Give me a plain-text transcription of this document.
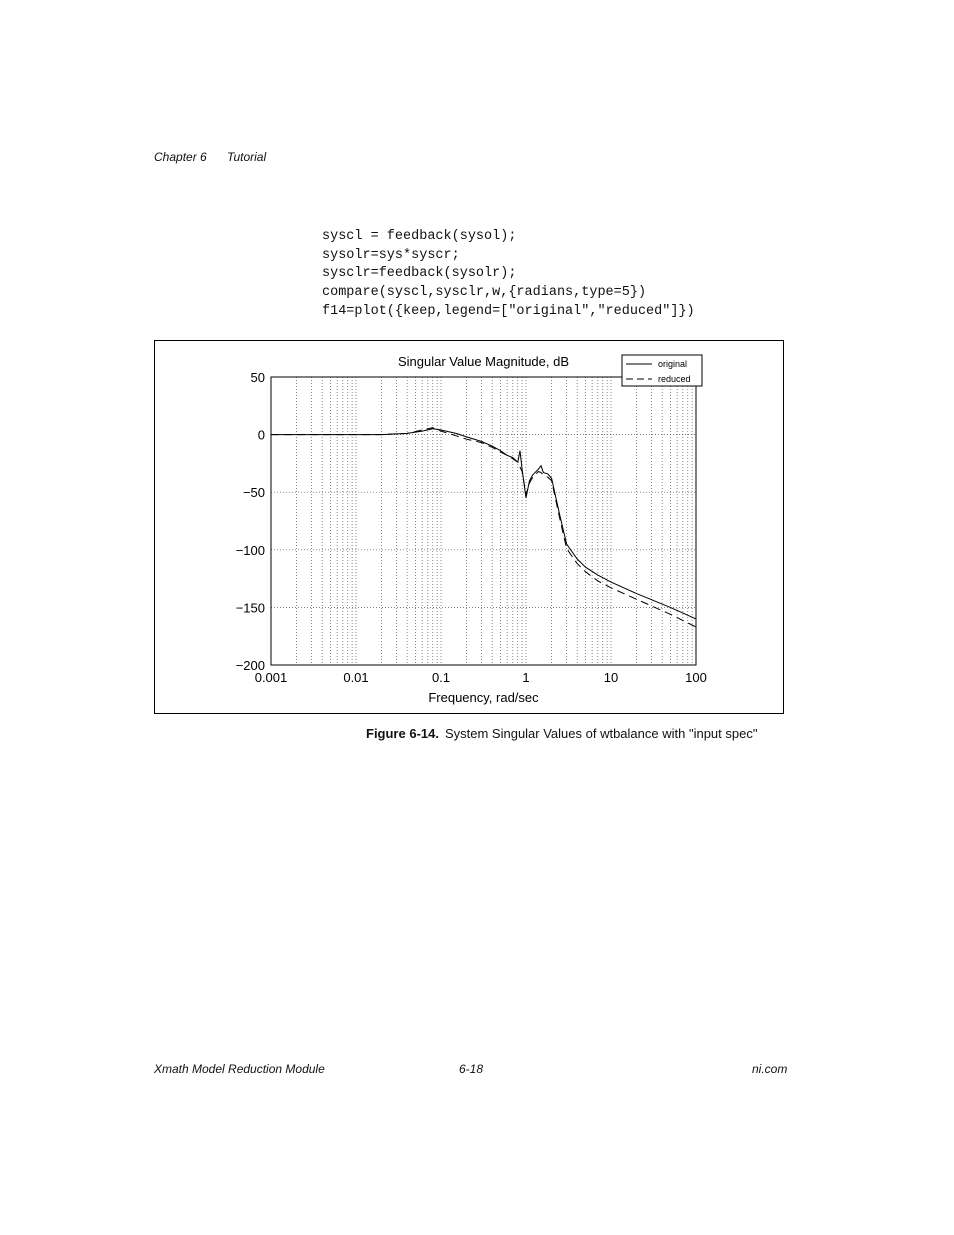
Chapter 6 Tutorial
syscl = feedback(sysol);
sysolr=sys*syscr;
sysclr=feedback(sysolr);
compare(syscl,sysclr,w,{radians,type=5})
f14=plot({keep,legend=["original","reduced"]})
50
0
−50
−100
−150
−200
0.001	0.01	0.1	1	10	100
Singular Value Magnitude, dB
Frequency, rad/sec
original
reduced
Figure 6-14. System Singular Values of wtbalance with "input spec"
Xmath Model Reduction Module	6-18	ni.com
